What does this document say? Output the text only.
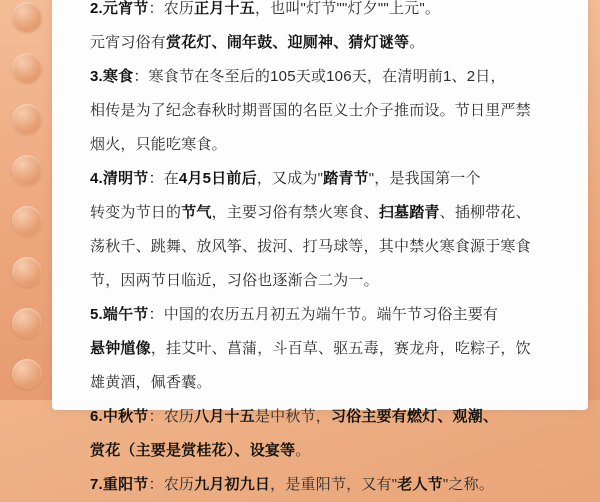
2.元宵节：农历正月十五，也叫"灯节""灯夕""上元"。
元宵习俗有赏花灯、闹年鼓、迎厕神、猜灯谜等。
3.寒食：寒食节在冬至后的105天或106天，在清明前1、2日，
相传是为了纪念春秋时期晋国的名臣义士介子推而设。节日里严禁
烟火，只能吃寒食。
4.清明节：在4月5日前后，又成为"踏青节"，是我国第一个
转变为节日的节气，主要习俗有禁火寒食、扫墓踏青、插柳带花、
荡秋千、跳舞、放风筝、拔河、打马球等，其中禁火寒食源于寒食
节，因两节日临近，习俗也逐渐合二为一。
5.端午节：中国的农历五月初五为端午节。端午节习俗主要有
悬钟馗像，挂艾叶、菖蒲，斗百草、驱五毒，赛龙舟，吃粽子，饮
雄黄酒，佩香囊。
6.中秋节：农历八月十五是中秋节，习俗主要有燃灯、观潮、
赏花（主要是赏桂花）、设宴等。
7.重阳节：农历九月初九日，是重阳节，又有"老人节"之称。
